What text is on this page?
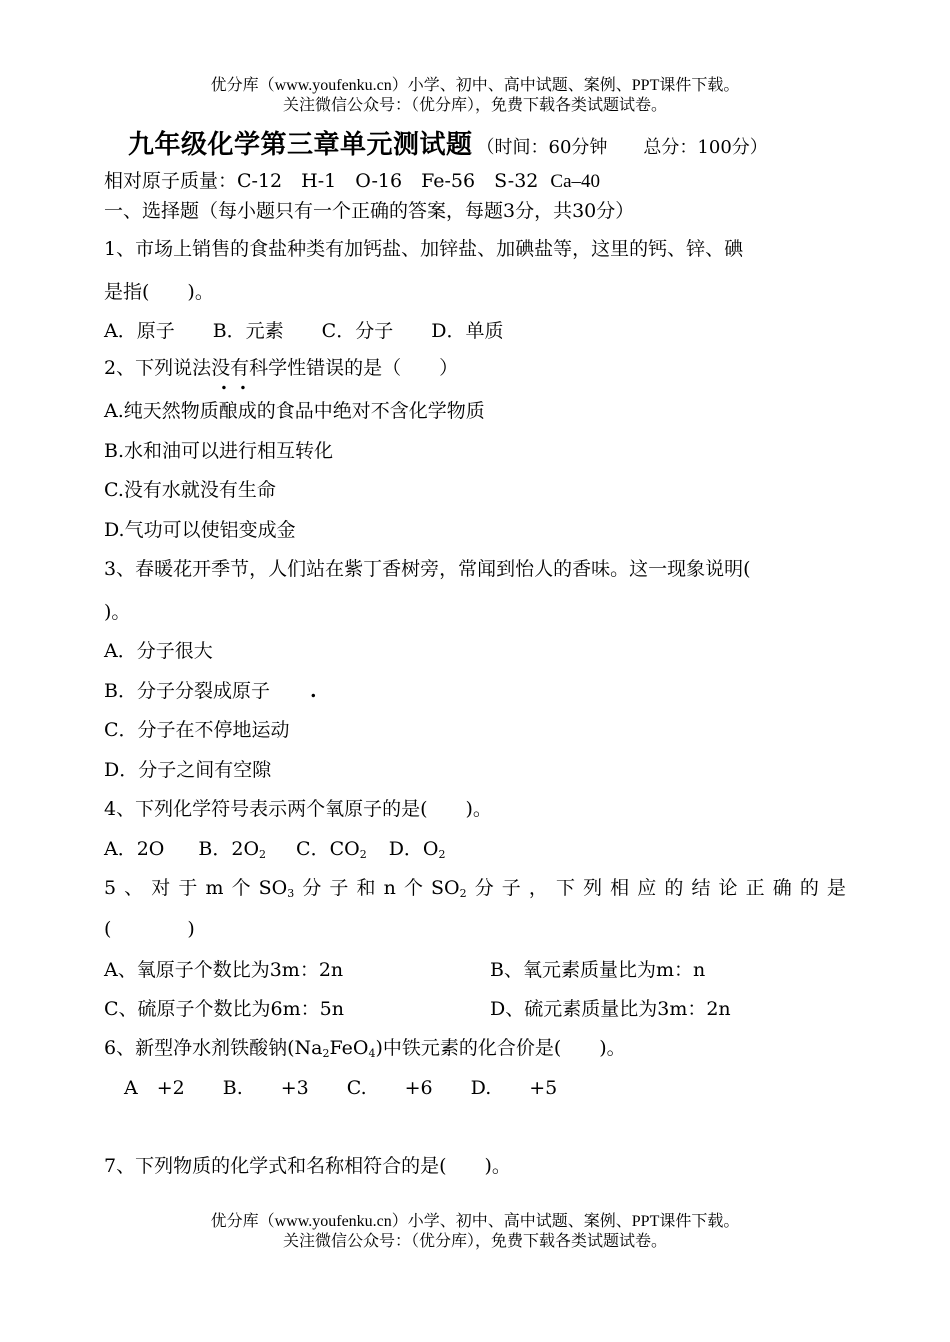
优分库（www.youfenku.cn）小学、初中、高中试题、案例、PPT课件下载。
关注微信公众号：（优分库），免费下载各类试题试卷。
九年级化学第三章单元测试题 （时间：60分钟　　总分：100分）
相对原子质量：C-12 H-1 O-16 Fe-56 S-32 Ca–40
一、选择题（每小题只有一个正确的答案，每题3分，共30分）
1、市场上销售的食盐种类有加钙盐、加锌盐、加碘盐等，这里的钙、锌、碘
是指(　　)。
A．原子　　B．元素　　C．分子　　D．单质
2、下列说法没有科学性错误的是（　　）
A.纯天然物质酿成的食品中绝对不含化学物质
B.水和油可以进行相互转化
C.没有水就没有生命
D.气功可以使铝变成金
3、春暖花开季节，人们站在紫丁香树旁，常闻到怡人的香味。这一现象说明(
)。
A．分子很大
B．分子分裂成原子 .
C．分子在不停地运动
D．分子之间有空隙
4、下列化学符号表示两个氧原子的是(　　)。
A．2O B．$2O_2$ C．$CO_2$ D．$O_2$
5 、 对 于 m 个 $SO_3$ 分 子 和 n 个 $SO_2$ 分 子 ， 下 列 相 应 的 结 论 正 确 的 是
(　　　　)
A、氧原子个数比为3m：2n	B、氧元素质量比为m：n
C、硫原子个数比为6m：5n	D、硫元素质量比为3m：2n
6、新型净水剂铁酸钠$(Na_2FeO_4)$中铁元素的化合价是(　　)。
A +2  B.  +3  C.  +6  D.  +5
7、下列物质的化学式和名称相符合的是(　　)。
优分库（www.youfenku.cn）小学、初中、高中试题、案例、PPT课件下载。
关注微信公众号：（优分库），免费下载各类试题试卷。
